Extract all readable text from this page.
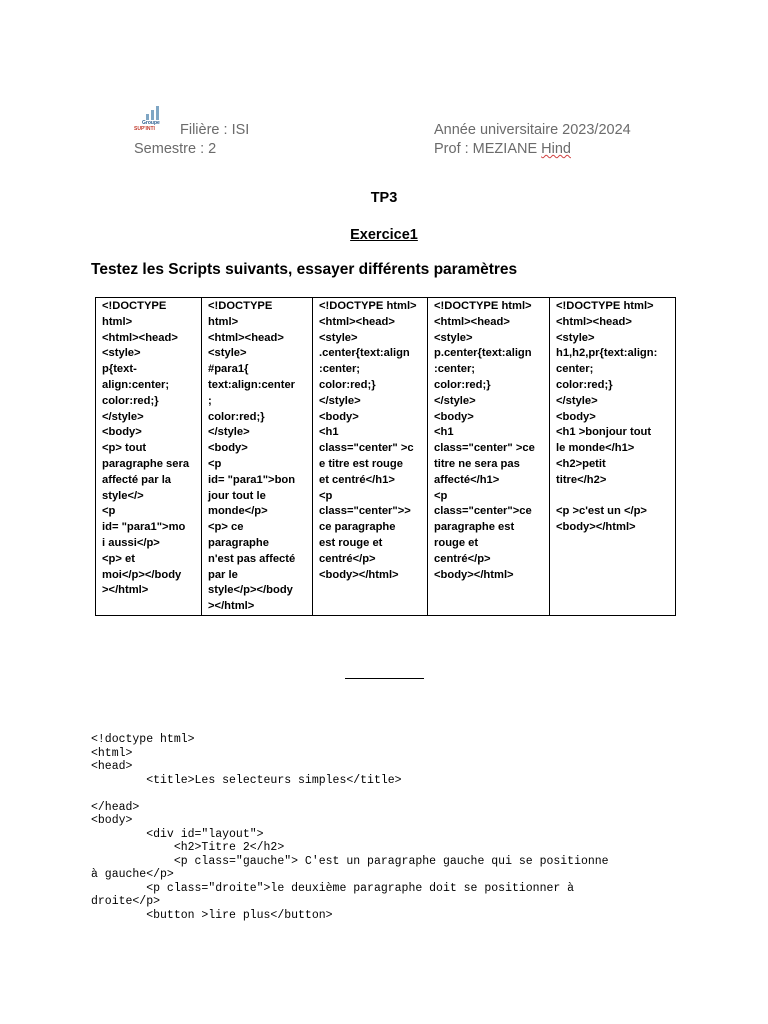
Groupe
SUP'INTI	Filière : ISI
Semestre : 2
Année universitaire 2023/2024
Prof : MEZIANE Hind
TP3
Exercice1
Testez les Scripts suivants, essayer différents paramètres
<!DOCTYPE
html>
<html><head>
<style>
p{text-
align:center;
color:red;}
</style>
<body>
<p> tout
paragraphe sera
affecté par la
style</>
<p
id= "para1">mo
i aussi</p>
<p> et
moi</p></body
></html>	<!DOCTYPE
html>
<html><head>
<style>
#para1{
text:align:center
;
color:red;}
</style>
<body>
<p
id= "para1">bon
jour tout le
monde</p>
<p> ce
paragraphe
n'est pas affecté
par le
style</p></body
></html>	<!DOCTYPE html>
<html><head>
<style>
.center{text:align
:center;
color:red;}
</style>
<body>
<h1
class="center" >c
e titre est rouge
et centré</h1>
<p
class="center">>
ce paragraphe
est rouge et
centré</p>
<body></html>	<!DOCTYPE html>
<html><head>
<style>
p.center{text:align
:center;
color:red;}
</style>
<body>
<h1
class="center" >ce
titre ne sera pas
affecté</h1>
<p
class="center">ce
paragraphe est
rouge et
centré</p>
<body></html>	<!DOCTYPE html>
<html><head>
<style>
h1,h2,pr{text:align:
center;
color:red;}
</style>
<body>
<h1 >bonjour tout
le monde</h1>
<h2>petit
titre</h2>

<p >c'est un </p>
<body></html>
<!doctype html>
<html>
<head>
<title>Les selecteurs simples</title>

</head>
<body>
<div id="layout">
<h2>Titre 2</h2>
<p class="gauche"> C'est un paragraphe gauche qui se positionne
à gauche</p>
<p class="droite">le deuxième paragraphe doit se positionner à
droite</p>
<button >lire plus</button>
